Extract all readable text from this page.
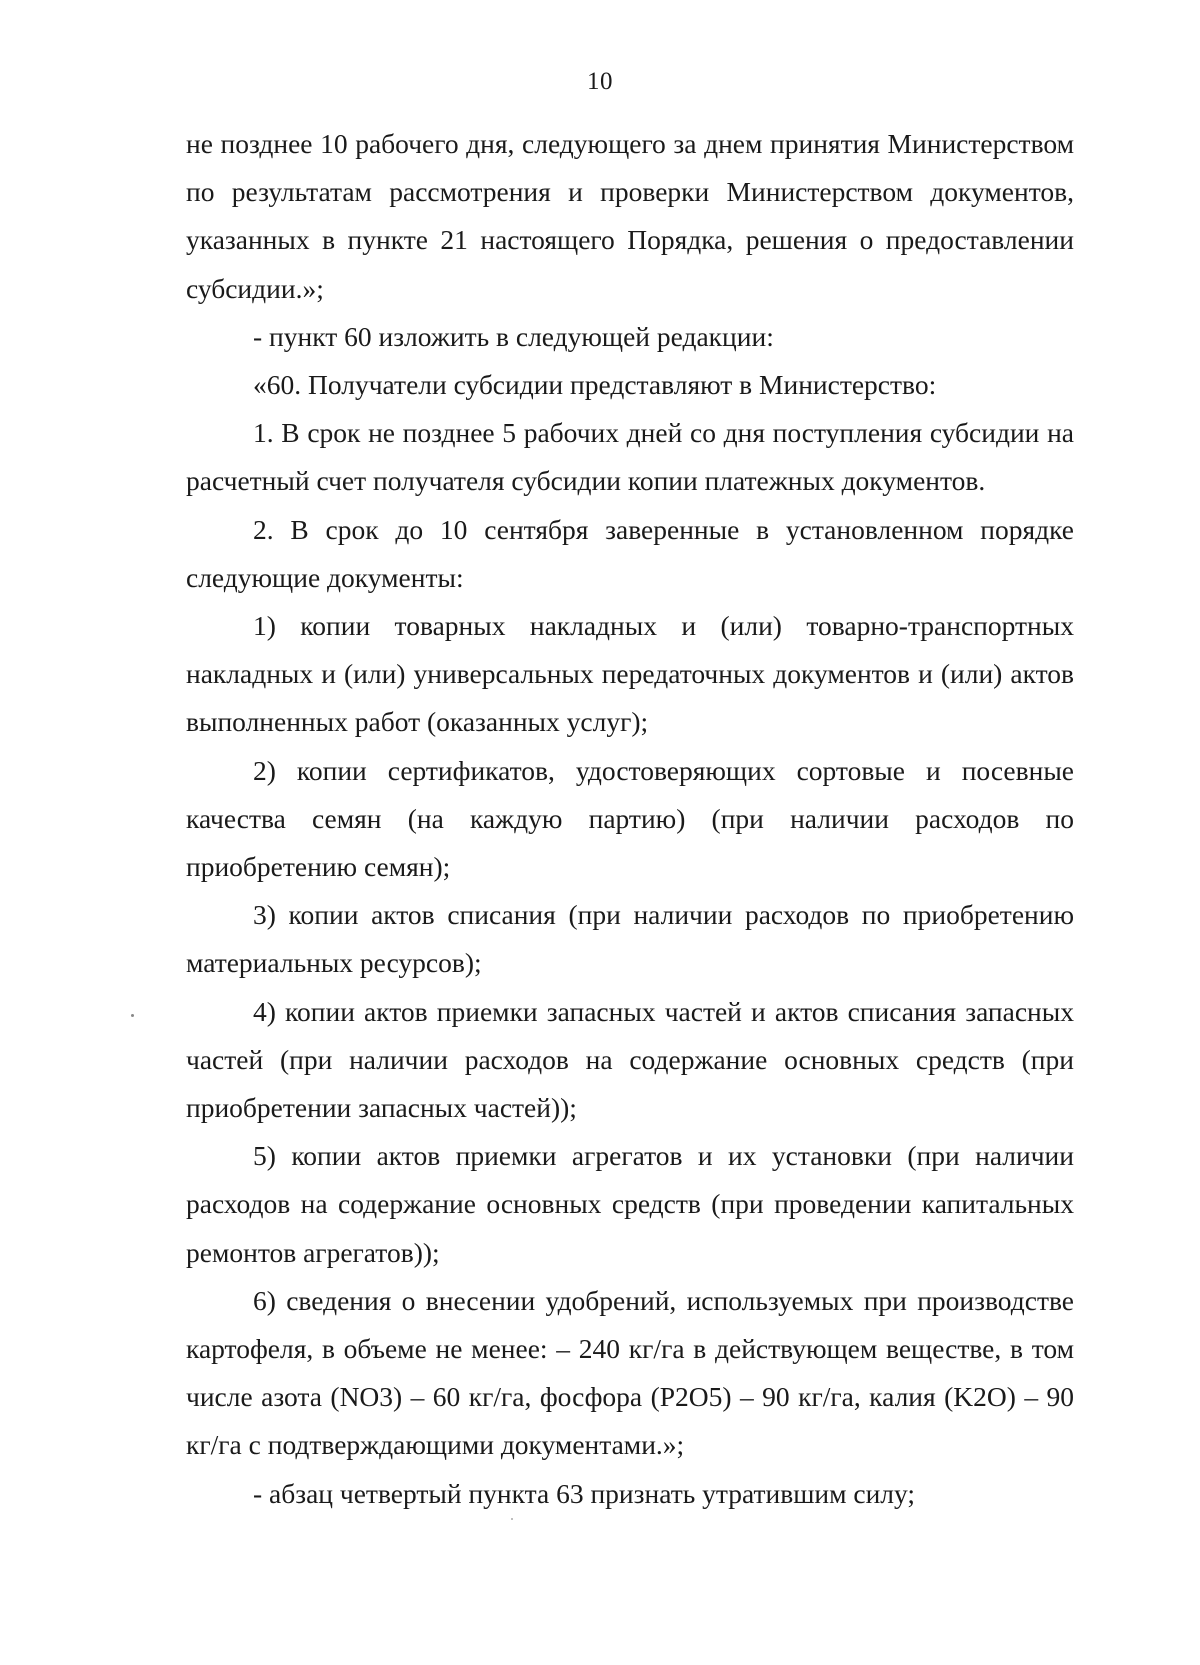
10

не позднее 10 рабочего дня, следующего за днем принятия Министерством по результатам рассмотрения и проверки Министерством документов, указанных в пункте 21 настоящего Порядка, решения о предоставлении субсидии.»;

- пункт 60 изложить в следующей редакции:

«60. Получатели субсидии представляют в Министерство:

1. В срок не позднее 5 рабочих дней со дня поступления субсидии на расчетный счет получателя субсидии копии платежных документов.

2. В срок до 10 сентября заверенные в установленном порядке следующие документы:

1) копии товарных накладных и (или) товарно-транспортных накладных и (или) универсальных передаточных документов и (или) актов выполненных работ (оказанных услуг);

2) копии сертификатов, удостоверяющих сортовые и посевные качества семян (на каждую партию) (при наличии расходов по приобретению семян);

3) копии актов списания (при наличии расходов по приобретению материальных ресурсов);

4) копии актов приемки запасных частей и актов списания запасных частей (при наличии расходов на содержание основных средств (при приобретении запасных частей));

5) копии актов приемки агрегатов и их установки (при наличии расходов на содержание основных средств (при проведении капитальных ремонтов агрегатов));

6) сведения о внесении удобрений, используемых при производстве картофеля, в объеме не менее: – 240 кг/га в действующем веществе, в том числе азота (NO3) – 60 кг/га, фосфора (P2O5) – 90 кг/га, калия (K2O) – 90 кг/га с подтверждающими документами.»;

- абзац четвертый пункта 63 признать утратившим силу;
